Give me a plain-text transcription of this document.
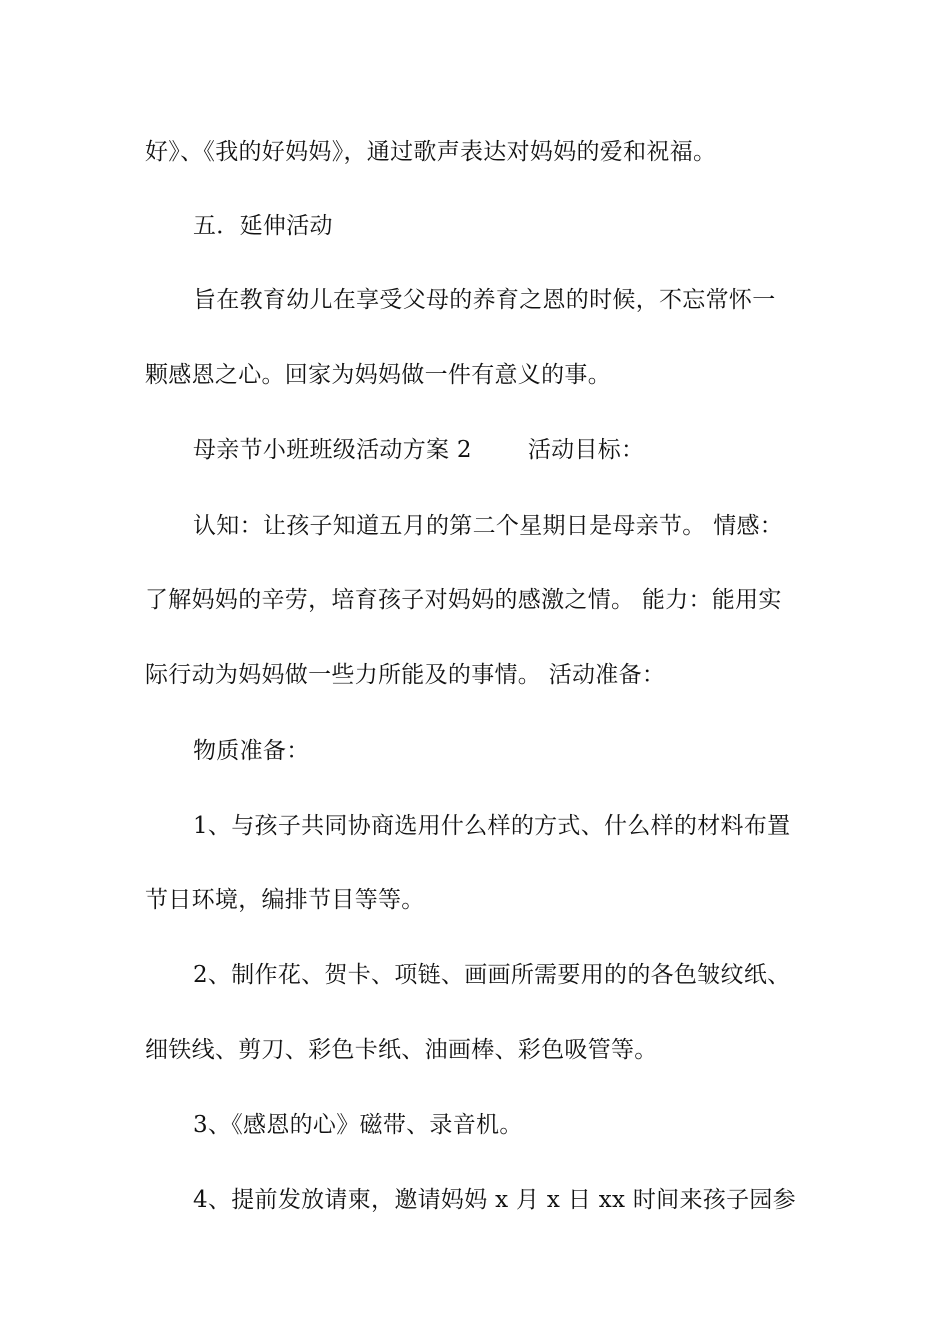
好》、《我的好妈妈》，通过歌声表达对妈妈的爱和祝福。
五．延伸活动
旨在教育幼儿在享受父母的养育之恩的时候，不忘常怀一
颗感恩之心。回家为妈妈做一件有意义的事。
母亲节小班班级活动方案 2 活动目标：
认知：让孩子知道五月的第二个星期日是母亲节。 情感：
了解妈妈的辛劳，培育孩子对妈妈的感激之情。 能力：能用实
际行动为妈妈做一些力所能及的事情。 活动准备：
物质准备：
1、与孩子共同协商选用什么样的方式、什么样的材料布置
节日环境，编排节目等等。
2、制作花、贺卡、项链、画画所需要用的的各色皱纹纸、
细铁线、剪刀、彩色卡纸、油画棒、彩色吸管等。
3、《感恩的心》磁带、录音机。
4、提前发放请柬，邀请妈妈 x 月 x 日 xx 时间来孩子园参
